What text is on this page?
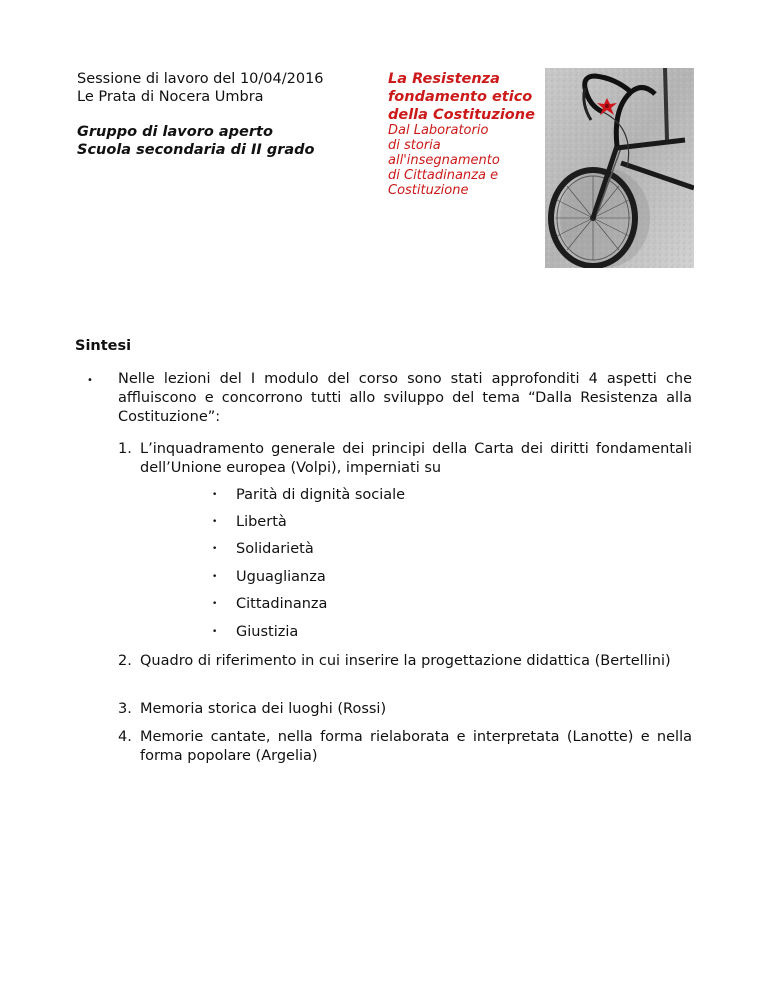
Sessione di lavoro del 10/04/2016
Le Prata di Nocera Umbra
Gruppo di lavoro aperto
Scuola secondaria di II grado
La Resistenza
fondamento etico
della Costituzione
Dal Laboratorio
di storia
all'insegnamento
di Cittadinanza e
Costituzione
Sintesi
• Nelle lezioni del I modulo del corso sono stati approfonditi 4 aspetti che affluiscono e concorrono tutti allo sviluppo del tema “Dalla Resistenza alla Costituzione”:
1. L’inquadramento generale dei principi della Carta dei diritti fondamentali dell’Unione europea (Volpi), imperniati su
• Parità di dignità sociale
• Libertà
• Solidarietà
• Uguaglianza
• Cittadinanza
• Giustizia
2. Quadro di riferimento in cui inserire la progettazione didattica (Bertellini)
3. Memoria storica dei luoghi (Rossi)
4. Memorie cantate, nella forma rielaborata e interpretata (Lanotte) e nella forma popolare (Argelia)
